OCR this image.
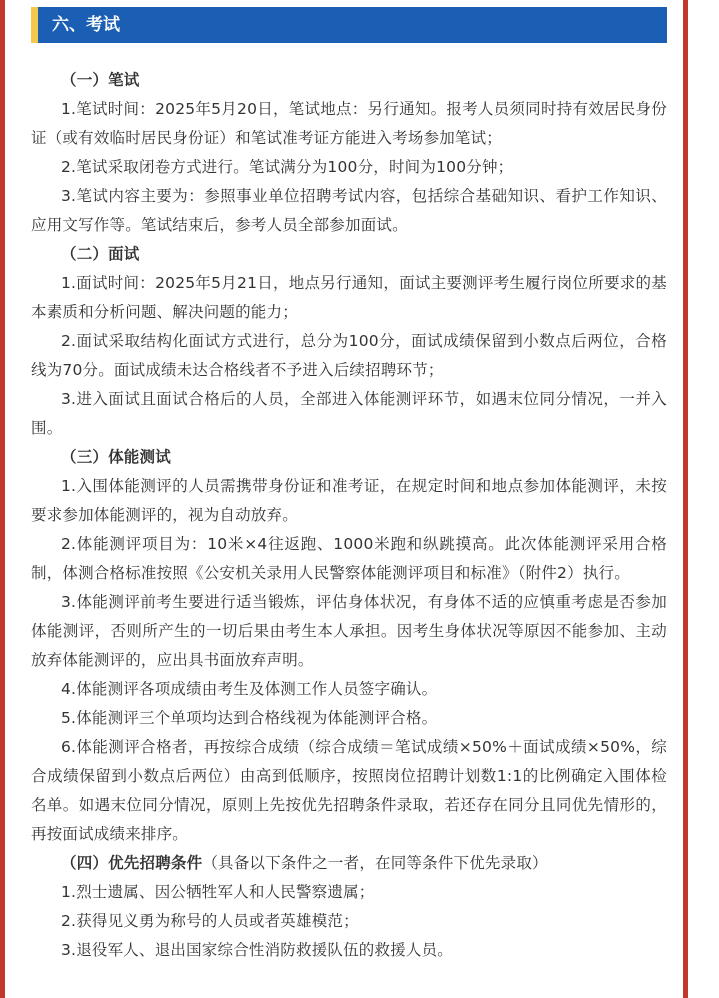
六、考试
（一）笔试
1.笔试时间：2025年5月20日，笔试地点：另行通知。报考人员须同时持有效居民身份证（或有效临时居民身份证）和笔试准考证方能进入考场参加笔试；
2.笔试采取闭卷方式进行。笔试满分为100分，时间为100分钟；
3.笔试内容主要为：参照事业单位招聘考试内容，包括综合基础知识、看护工作知识、应用文写作等。笔试结束后，参考人员全部参加面试。
（二）面试
1.面试时间：2025年5月21日，地点另行通知，面试主要测评考生履行岗位所要求的基本素质和分析问题、解决问题的能力；
2.面试采取结构化面试方式进行，总分为100分，面试成绩保留到小数点后两位，合格线为70分。面试成绩未达合格线者不予进入后续招聘环节；
3.进入面试且面试合格后的人员，全部进入体能测评环节，如遇末位同分情况，一并入围。
（三）体能测试
1.入围体能测评的人员需携带身份证和准考证，在规定时间和地点参加体能测评，未按要求参加体能测评的，视为自动放弃。
2.体能测评项目为：10米×4往返跑、1000米跑和纵跳摸高。此次体能测评采用合格制，体测合格标准按照《公安机关录用人民警察体能测评项目和标准》（附件2）执行。
3.体能测评前考生要进行适当锻炼，评估身体状况，有身体不适的应慎重考虑是否参加体能测评，否则所产生的一切后果由考生本人承担。因考生身体状况等原因不能参加、主动放弃体能测评的，应出具书面放弃声明。
4.体能测评各项成绩由考生及体测工作人员签字确认。
5.体能测评三个单项均达到合格线视为体能测评合格。
6.体能测评合格者，再按综合成绩（综合成绩＝笔试成绩×50%＋面试成绩×50%，综合成绩保留到小数点后两位）由高到低顺序，按照岗位招聘计划数1:1的比例确定入围体检名单。如遇末位同分情况，原则上先按优先招聘条件录取，若还存在同分且同优先情形的，再按面试成绩来排序。
（四）优先招聘条件（具备以下条件之一者，在同等条件下优先录取）
1.烈士遗属、因公牺牲军人和人民警察遗属；
2.获得见义勇为称号的人员或者英雄模范；
3.退役军人、退出国家综合性消防救援队伍的救援人员。
